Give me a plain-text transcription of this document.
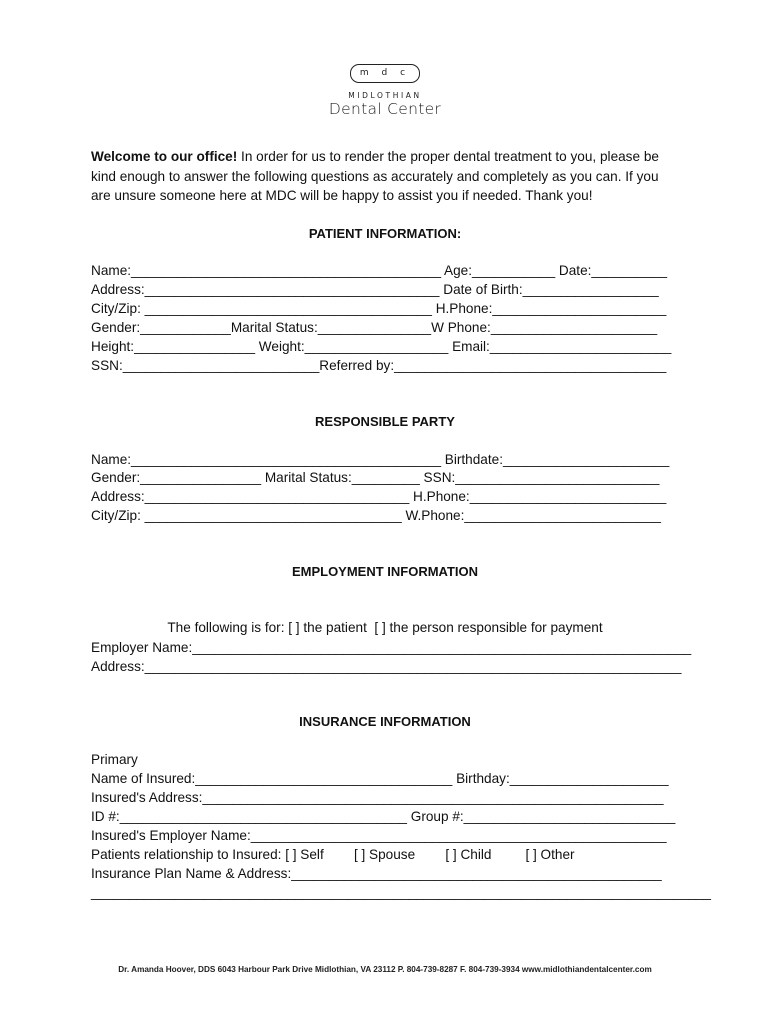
m d c
MIDLOTHIAN
Dental Center
Welcome to our office! In order for us to render the proper dental treatment to you, please be kind enough to answer the following questions as accurately and completely as you can. If you are unsure someone here at MDC will be happy to assist you if needed. Thank you!
PATIENT INFORMATION:
Name:_________________________________________ Age:___________ Date:__________
Address:_______________________________________ Date of Birth:__________________
City/Zip: ______________________________________ H.Phone:_______________________
Gender:____________Marital Status:_______________W Phone:______________________
Height:________________ Weight:___________________ Email:________________________
SSN:__________________________Referred by:____________________________________
RESPONSIBLE PARTY
Name:_________________________________________ Birthdate:______________________
Gender:________________ Marital Status:_________ SSN:___________________________
Address:___________________________________ H.Phone:__________________________
City/Zip: __________________________________ W.Phone:__________________________
EMPLOYMENT INFORMATION
The following is for: [ ] the patient  [ ] the person responsible for payment
Employer Name:__________________________________________________________________
Address:_______________________________________________________________________
INSURANCE INFORMATION
Primary
Name of Insured:__________________________________ Birthday:_____________________
Insured's Address:_____________________________________________________________
ID #:______________________________________ Group #:____________________________
Insured's Employer Name:_______________________________________________________
Patients relationship to Insured: [ ] Self        [ ] Spouse        [ ] Child         [ ] Other
Insurance Plan Name & Address:_________________________________________________
__________________________________________________________________________________
Dr. Amanda Hoover, DDS 6043 Harbour Park Drive Midlothian, VA 23112 P. 804-739-8287 F. 804-739-3934 www.midlothiandentalcenter.com
